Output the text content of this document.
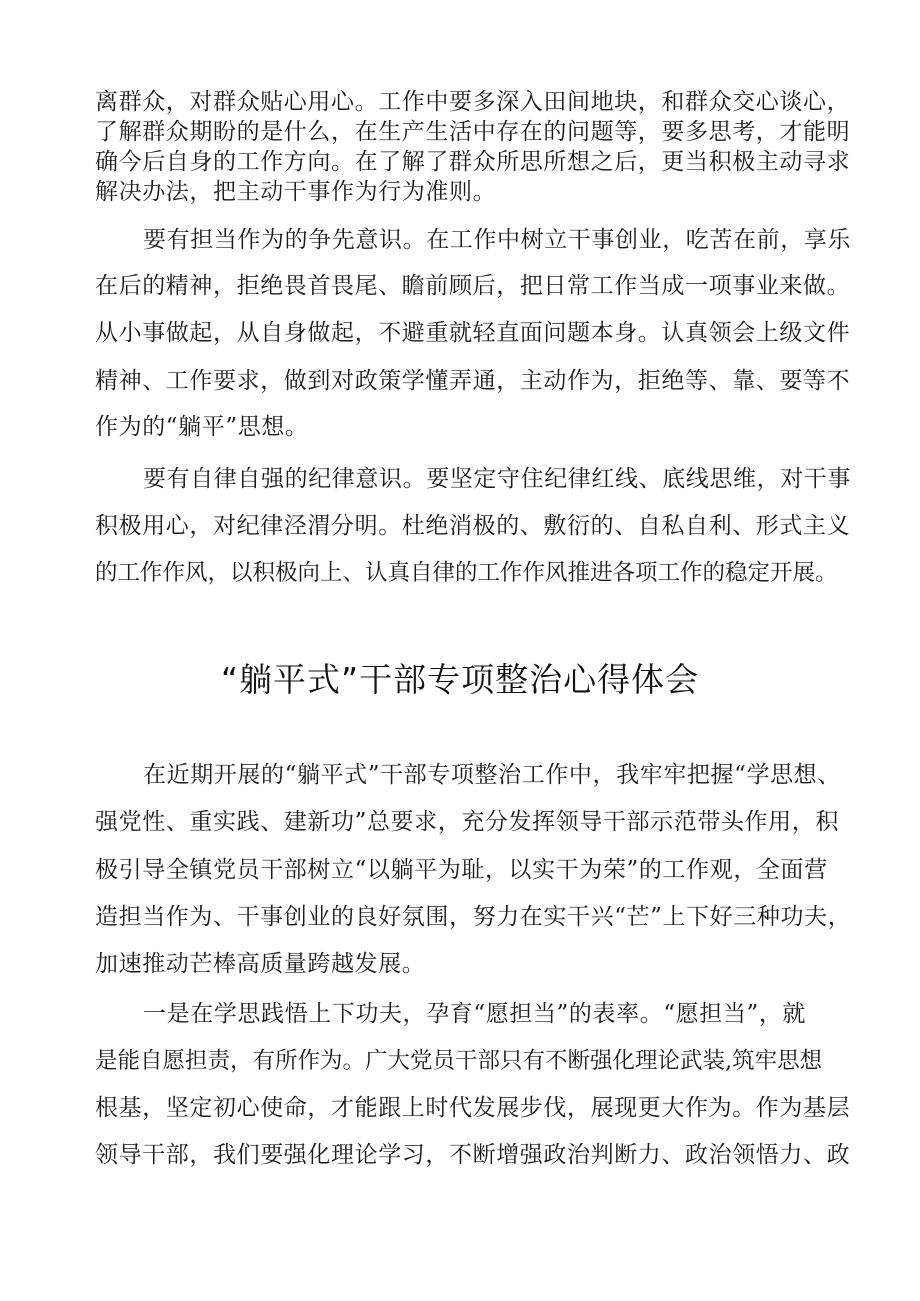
离群众，对群众贴心用心。工作中要多深入田间地块，和群众交心谈心，
了解群众期盼的是什么，在生产生活中存在的问题等，要多思考，才能明
确今后自身的工作方向。在了解了群众所思所想之后，更当积极主动寻求
解决办法，把主动干事作为行为准则。
要有担当作为的争先意识。在工作中树立干事创业，吃苦在前，享乐
在后的精神，拒绝畏首畏尾、瞻前顾后，把日常工作当成一项事业来做。
从小事做起，从自身做起，不避重就轻直面问题本身。认真领会上级文件
精神、工作要求，做到对政策学懂弄通，主动作为，拒绝等、靠、要等不
作为的“躺平”思想。
要有自律自强的纪律意识。要坚定守住纪律红线、底线思维，对干事
积极用心，对纪律泾渭分明。杜绝消极的、敷衍的、自私自利、形式主义
的工作作风，以积极向上、认真自律的工作作风推进各项工作的稳定开展。
“躺平式”干部专项整治心得体会
在近期开展的“躺平式”干部专项整治工作中，我牢牢把握“学思想、
强党性、重实践、建新功”总要求，充分发挥领导干部示范带头作用，积
极引导全镇党员干部树立“以躺平为耻，以实干为荣”的工作观，全面营
造担当作为、干事创业的良好氛围，努力在实干兴“芒”上下好三种功夫，
加速推动芒棒高质量跨越发展。
一是在学思践悟上下功夫，孕育“愿担当”的表率。“愿担当”，就
是能自愿担责，有所作为。广大党员干部只有不断强化理论武装,筑牢思想
根基，坚定初心使命，才能跟上时代发展步伐，展现更大作为。作为基层
领导干部，我们要强化理论学习，不断增强政治判断力、政治领悟力、政
